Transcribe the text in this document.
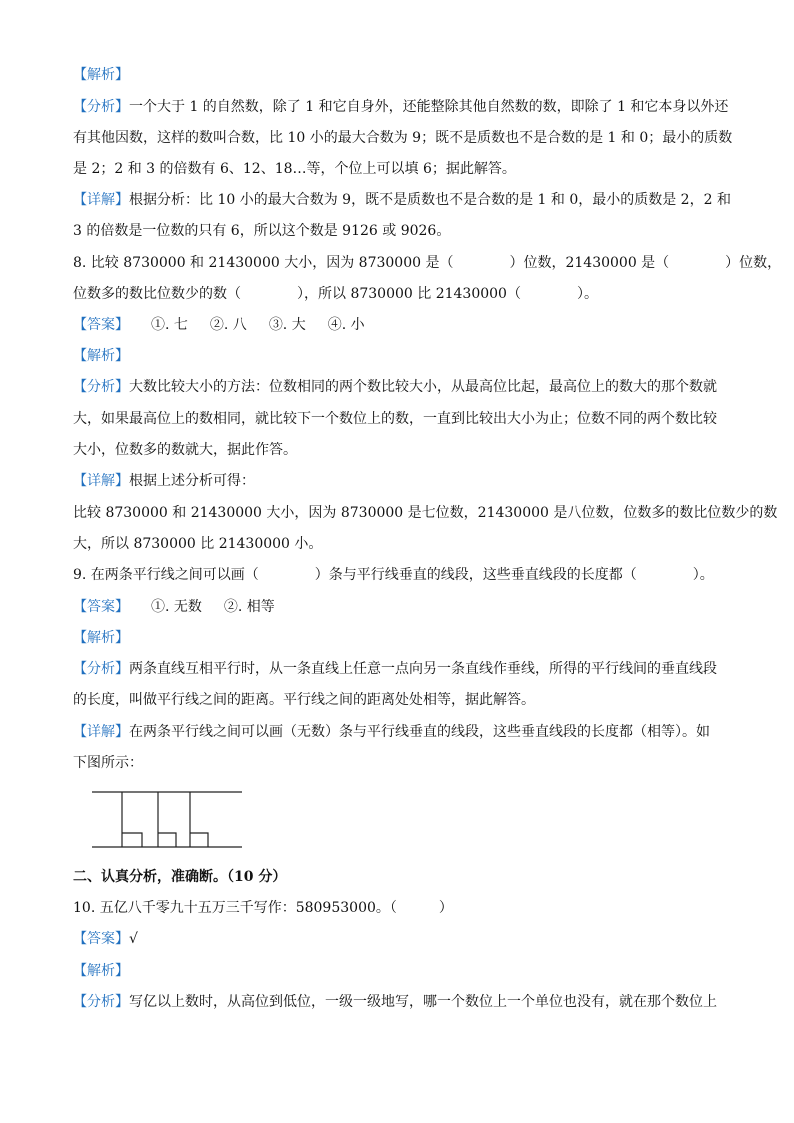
【解析】
【分析】一个大于 1 的自然数，除了 1 和它自身外，还能整除其他自然数的数，即除了 1 和它本身以外还
有其他因数，这样的数叫合数，比 10 小的最大合数为 9；既不是质数也不是合数的是 1 和 0；最小的质数
是 2；2 和 3 的倍数有 6、12、18…等，个位上可以填 6；据此解答。
【详解】根据分析：比 10 小的最大合数为 9，既不是质数也不是合数的是 1 和 0，最小的质数是 2，2 和
3 的倍数是一位数的只有 6，所以这个数是 9126 或 9026。
8. 比较 8730000 和 21430000 大小，因为 8730000 是（　　　　）位数，21430000 是（　　　　）位数，
位数多的数比位数少的数（　　　　），所以 8730000 比 21430000（　　　　）。
【答案】 ①. 七 ②. 八 ③. 大 ④. 小
【解析】
【分析】大数比较大小的方法：位数相同的两个数比较大小，从最高位比起，最高位上的数大的那个数就
大，如果最高位上的数相同，就比较下一个数位上的数，一直到比较出大小为止；位数不同的两个数比较
大小，位数多的数就大，据此作答。
【详解】根据上述分析可得：
比较 8730000 和 21430000 大小，因为 8730000 是七位数，21430000 是八位数，位数多的数比位数少的数
大，所以 8730000 比 21430000 小。
9. 在两条平行线之间可以画（　　　　）条与平行线垂直的线段，这些垂直线段的长度都（　　　　）。
【答案】 ①. 无数 ②. 相等
【解析】
【分析】两条直线互相平行时，从一条直线上任意一点向另一条直线作垂线，所得的平行线间的垂直线段
的长度，叫做平行线之间的距离。平行线之间的距离处处相等，据此解答。
【详解】在两条平行线之间可以画（无数）条与平行线垂直的线段，这些垂直线段的长度都（相等）。如
下图所示：
二、认真分析，准确断。（10 分）
10. 五亿八千零九十五万三千写作：580953000。（　　　）
【答案】√
【解析】
【分析】写亿以上数时，从高位到低位，一级一级地写，哪一个数位上一个单位也没有，就在那个数位上
